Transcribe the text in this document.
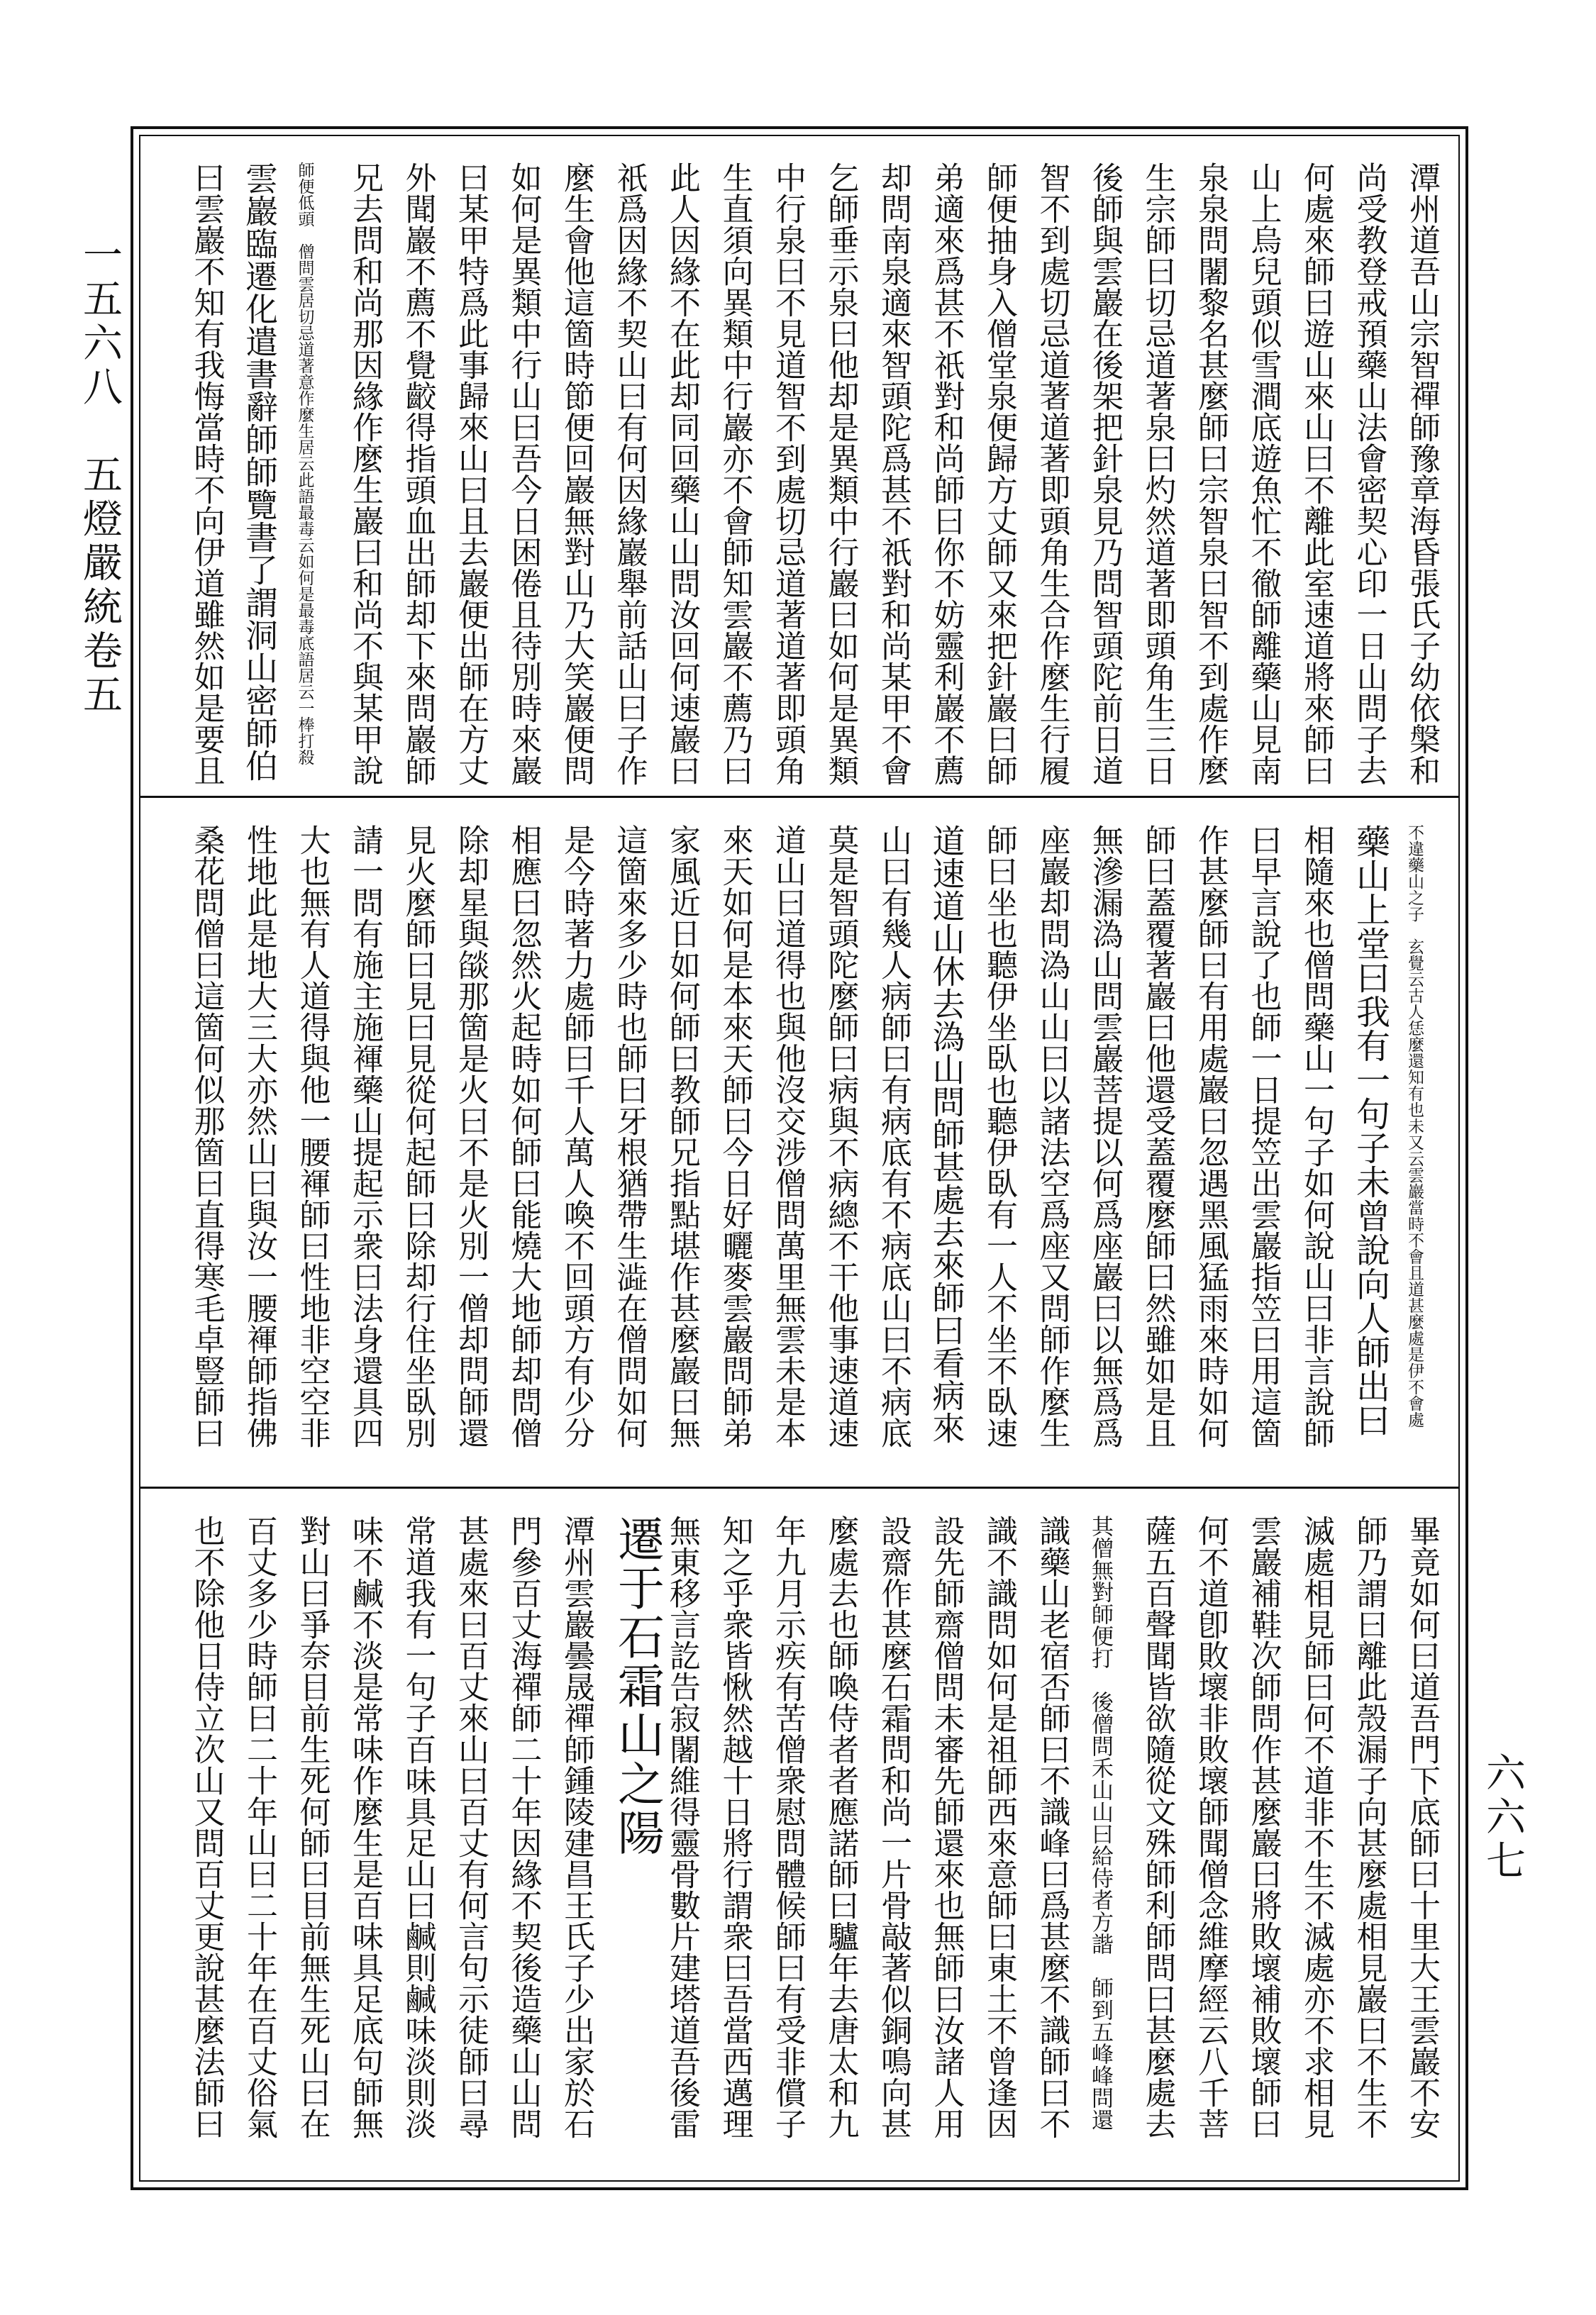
一五六八　五燈嚴統卷五
六六七
潭州道吾山宗智禪師豫章海昏張氏子幼依槃和
尚受教登戒預藥山法會密契心印一日山問子去
何處來師曰遊山來山曰不離此室速道將來師曰
山上烏兒頭似雪澗底遊魚忙不徹師離藥山見南
泉泉問闍黎名甚麼師曰宗智泉曰智不到處作麼
生宗師曰切忌道著泉曰灼然道著即頭角生三日
後師與雲巖在後架把針泉見乃問智頭陀前日道
智不到處切忌道著道著即頭角生合作麼生行履
師便抽身入僧堂泉便歸方丈師又來把針巖曰師
弟適來爲甚不祇對和尚師曰你不妨靈利巖不薦
却問南泉適來智頭陀爲甚不祇對和尚某甲不會
乞師垂示泉曰他却是異類中行巖曰如何是異類
中行泉曰不見道智不到處切忌道著道著即頭角
生直須向異類中行巖亦不會師知雲巖不薦乃曰
此人因緣不在此却同回藥山山問汝回何速巖曰
祇爲因緣不契山曰有何因緣巖舉前話山曰子作
麼生會他這箇時節便回巖無對山乃大笑巖便問
如何是異類中行山曰吾今日困倦且待別時來巖
曰某甲特爲此事歸來山曰且去巖便出師在方丈
外聞巖不薦不覺齩得指頭血出師却下來問巖師
兄去問和尚那因緣作麼生巖曰和尚不與某甲說
師便低頭　僧問雲居切忌道著意作麼生居云此語最毒云如何是最毒底語居云一棒打殺
雲巖臨遷化遣書辭師師覽書了謂洞山密師伯
曰雲巖不知有我悔當時不向伊道雖然如是要且
不違藥山之子　玄覺云古人恁麼還知有也未又云雲巖當時不會且道甚麼處是伊不會處
藥山上堂曰我有一句子未曾說向人師出曰
相隨來也僧問藥山一句子如何說山曰非言說師
曰早言說了也師一日提笠出雲巖指笠曰用這箇
作甚麼師曰有用處巖曰忽遇黑風猛雨來時如何
師曰蓋覆著巖曰他還受蓋覆麼師曰然雖如是且
無滲漏溈山問雲巖菩提以何爲座巖曰以無爲爲
座巖却問溈山山曰以諸法空爲座又問師作麼生
師曰坐也聽伊坐臥也聽伊臥有一人不坐不臥速
道速道山休去溈山問師甚處去來師曰看病來
山曰有幾人病師曰有病底有不病底山曰不病底
莫是智頭陀麼師曰病與不病總不干他事速道速
道山曰道得也與他沒交涉僧問萬里無雲未是本
來天如何是本來天師曰今日好曬麥雲巖問師弟
家風近日如何師曰教師兄指點堪作甚麼巖曰無
這箇來多少時也師曰牙根猶帶生澁在僧問如何
是今時著力處師曰千人萬人喚不回頭方有少分
相應曰忽然火起時如何師曰能燒大地師却問僧
除却星與燄那箇是火曰不是火別一僧却問師還
見火麼師曰見曰見從何起師曰除却行住坐臥別
請一問有施主施褌藥山提起示衆曰法身還具四
大也無有人道得與他一腰褌師曰性地非空空非
性地此是地大三大亦然山曰與汝一腰褌師指佛
桑花問僧曰這箇何似那箇曰直得寒毛卓豎師曰
畢竟如何曰道吾門下底師曰十里大王雲巖不安
師乃謂曰離此殼漏子向甚麼處相見巖曰不生不
滅處相見師曰何不道非不生不滅處亦不求相見
雲巖補鞋次師問作甚麼巖曰將敗壞補敗壞師曰
何不道卽敗壞非敗壞師聞僧念維摩經云八千菩
薩五百聲聞皆欲隨從文殊師利師問曰甚麼處去
其僧無對師便打　後僧問禾山山曰給侍者方諧　師到五峰峰問還
識藥山老宿否師曰不識峰曰爲甚麼不識師曰不
識不識問如何是祖師西來意師曰東土不曾逢因
設先師齋僧問未審先師還來也無師曰汝諸人用
設齋作甚麼石霜問和尚一片骨敲著似銅鳴向甚
麼處去也師喚侍者者應諾師曰驢年去唐太和九
年九月示疾有苦僧衆慰問體候師曰有受非償子
知之乎衆皆愀然越十日將行謂衆曰吾當西邁理
無東移言訖告寂闍維得靈骨數片建塔道吾後雷
遷于石霜山之陽
潭州雲巖曇晟禪師鍾陵建昌王氏子少出家於石
門參百丈海禪師二十年因緣不契後造藥山山問
甚處來曰百丈來山曰百丈有何言句示徒師曰尋
常道我有一句子百味具足山曰鹹則鹹味淡則淡
味不鹹不淡是常味作麼生是百味具足底句師無
對山曰爭奈目前生死何師曰目前無生死山曰在
百丈多少時師曰二十年山曰二十年在百丈俗氣
也不除他日侍立次山又問百丈更說甚麼法師曰
